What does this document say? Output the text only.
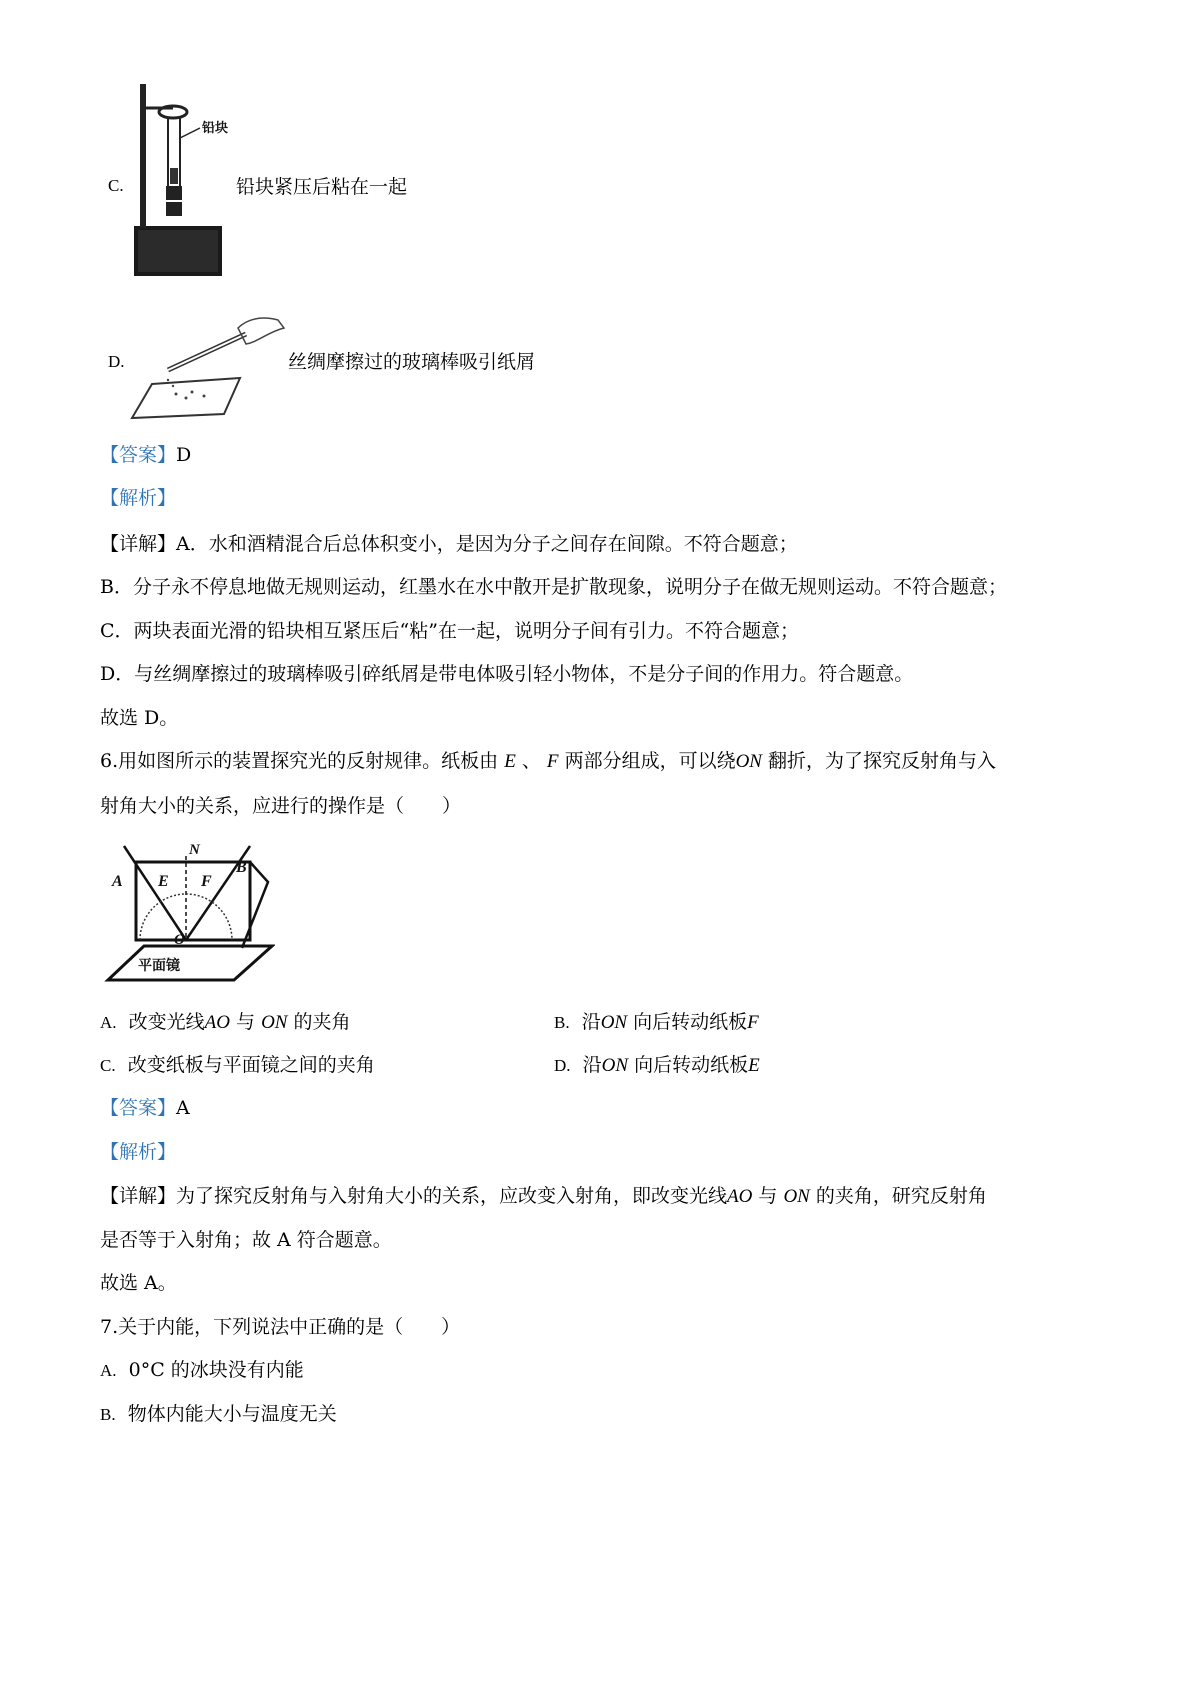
C.
铅块
铅块紧压后粘在一起
D.	丝绸摩擦过的玻璃棒吸引纸屑
【答案】D
【解析】
【详解】A．水和酒精混合后总体积变小，是因为分子之间存在间隙。不符合题意；
B．分子永不停息地做无规则运动，红墨水在水中散开是扩散现象，说明分子在做无规则运动。不符合题意；
C．两块表面光滑的铅块相互紧压后“粘”在一起，说明分子间有引力。不符合题意；
D．与丝绸摩擦过的玻璃棒吸引碎纸屑是带电体吸引轻小物体，不是分子间的作用力。符合题意。
故选 D。
6.用如图所示的装置探究光的反射规律。纸板由 E 、 F 两部分组成，可以绕ON 翻折，为了探究反射角与入
射角大小的关系，应进行的操作是（　　）
平面镜
N
A
B
E F
O
A. 改变光线AO 与 ON 的夹角	B. 沿ON 向后转动纸板F
C. 改变纸板与平面镜之间的夹角	D. 沿ON 向后转动纸板E
【答案】A
【解析】
【详解】为了探究反射角与入射角大小的关系，应改变入射角，即改变光线AO 与 ON 的夹角，研究反射角
是否等于入射角；故 A 符合题意。
故选 A。
7.关于内能，下列说法中正确的是（　　）
A. 0°C 的冰块没有内能
B. 物体内能大小与温度无关
